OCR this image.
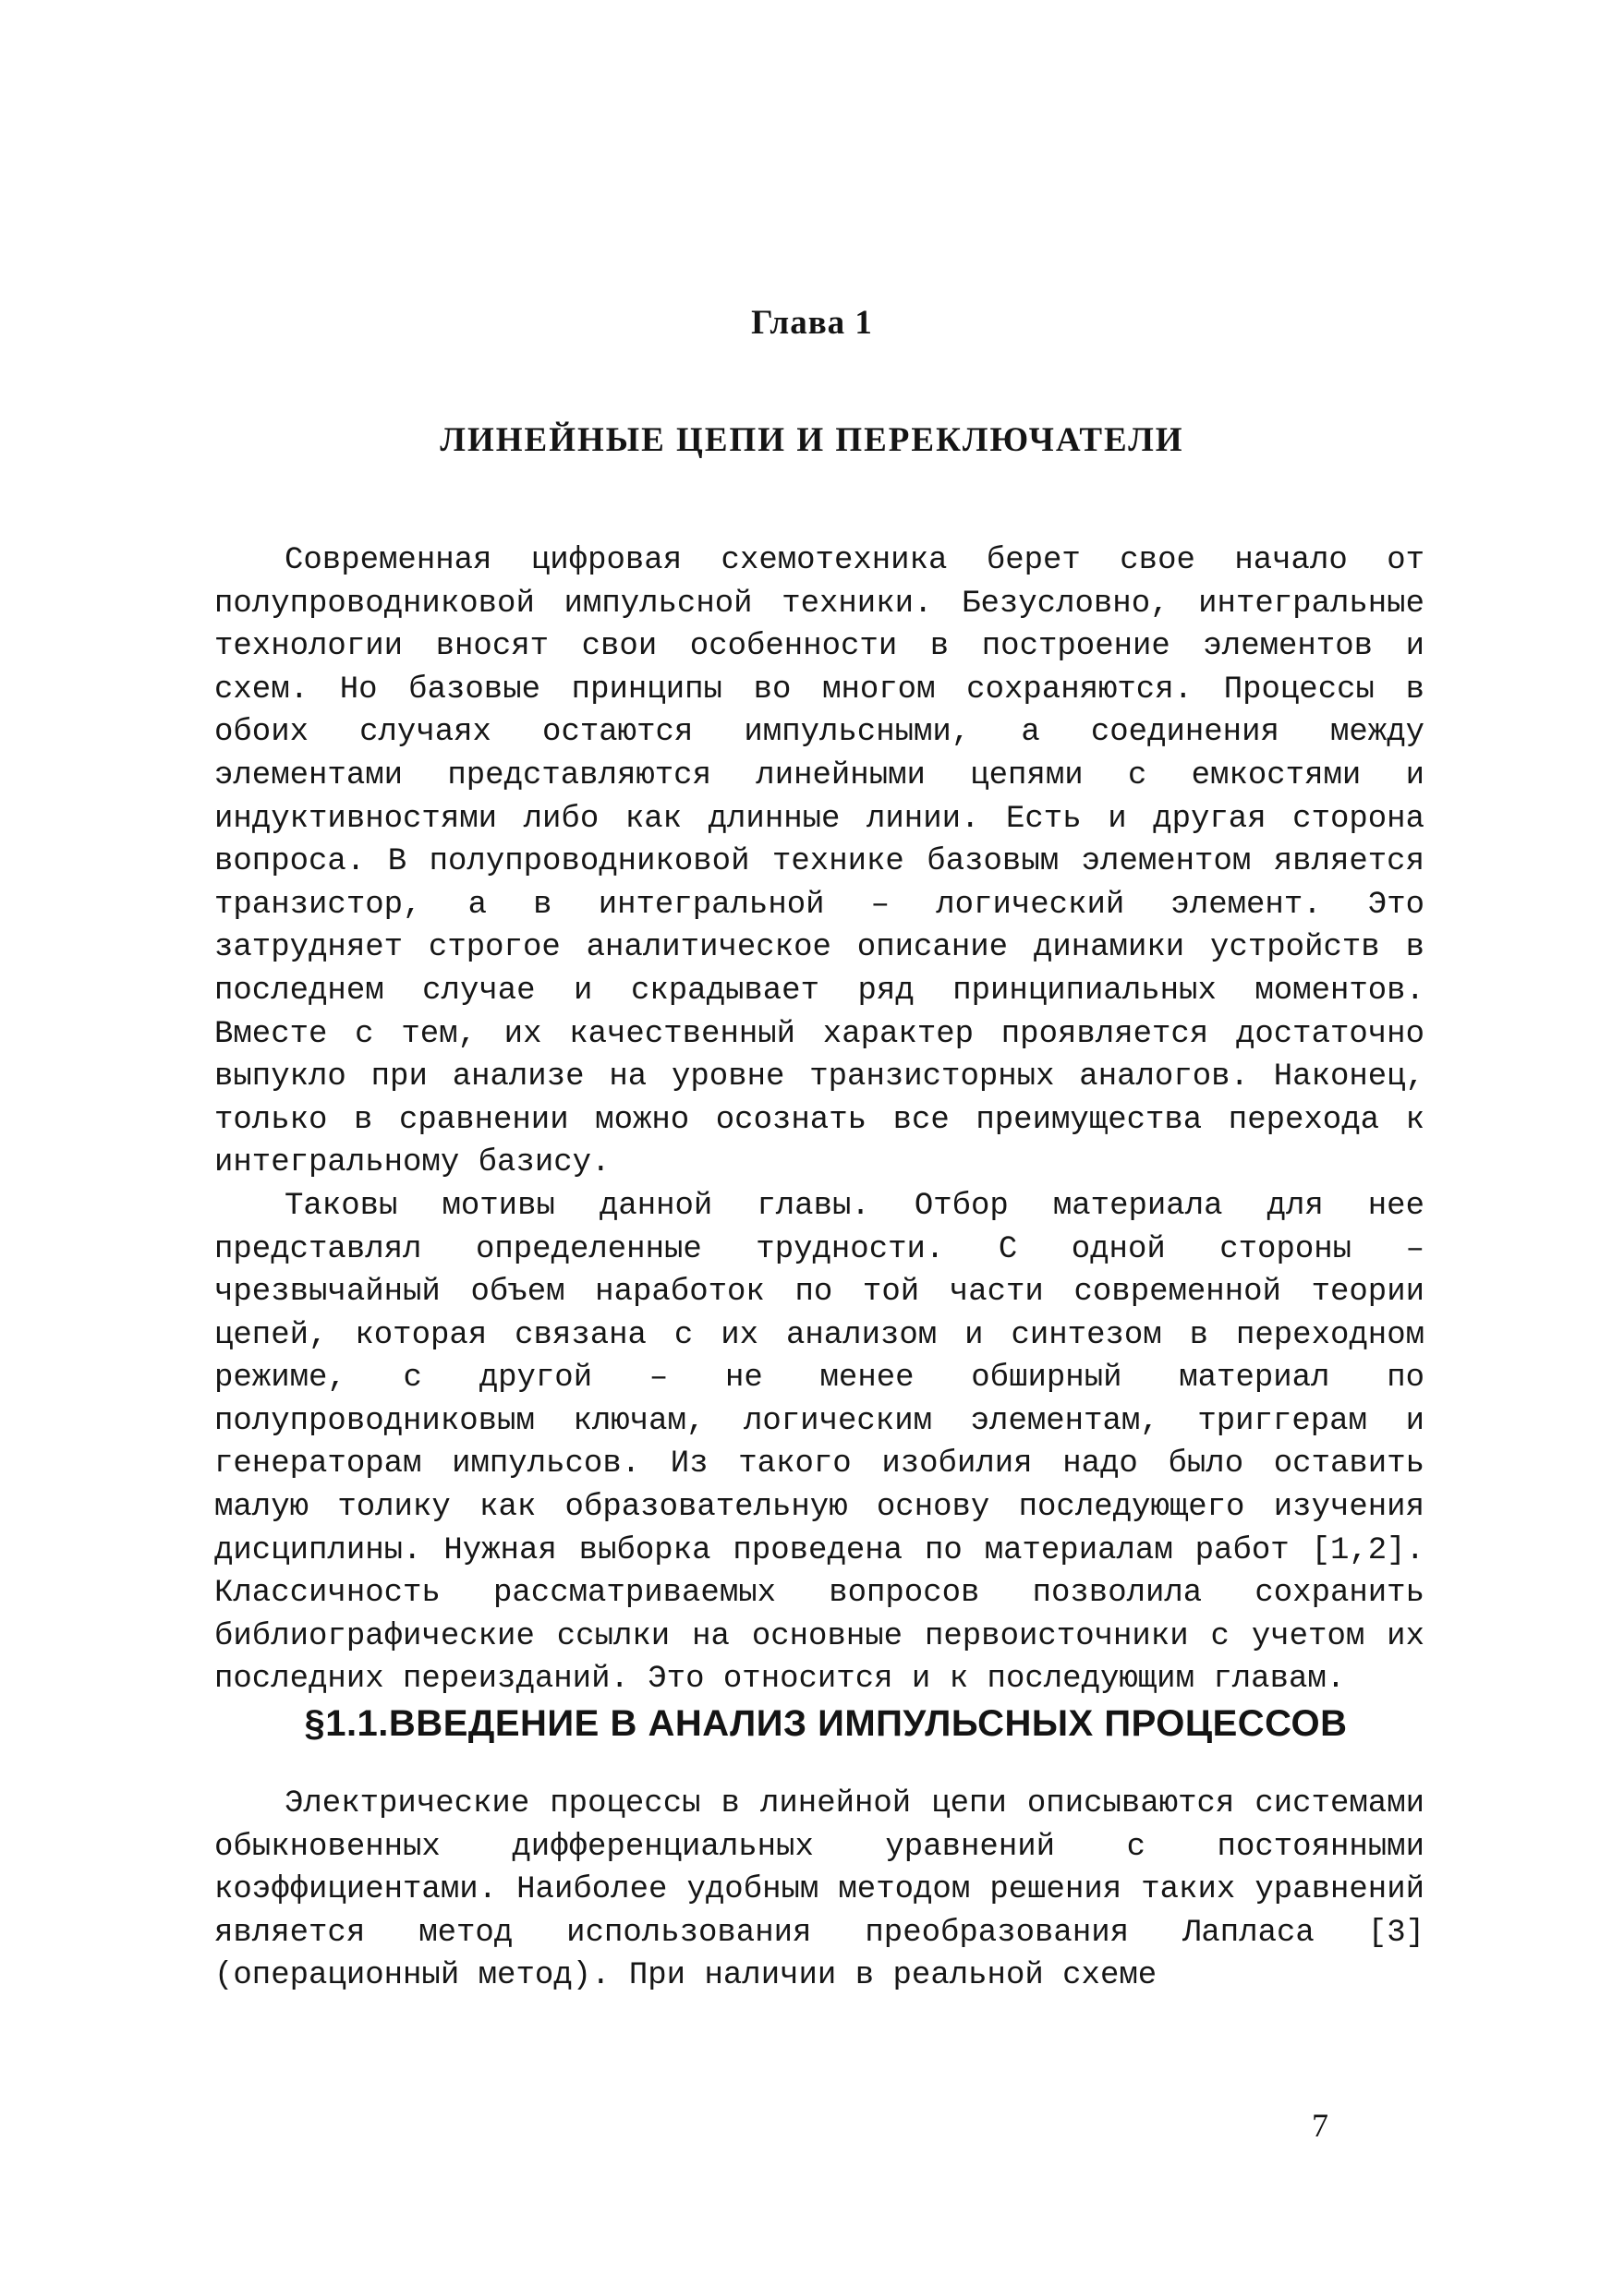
Глава 1
ЛИНЕЙНЫЕ ЦЕПИ И ПЕРЕКЛЮЧАТЕЛИ

Современная цифровая схемотехника берет свое начало от полупроводниковой импульсной техники. Безусловно, интегральные технологии вносят свои особенности в построение элементов и схем. Но базовые принципы во многом сохраняются. Процессы в обоих случаях остаются импульсными, а соединения между элементами представляются линейными цепями с емкостями и индуктивностями либо как длинные линии. Есть и другая сторона вопроса. В полупроводниковой технике базовым элементом является транзистор, а в интегральной – логический элемент. Это затрудняет строгое аналитическое описание динамики устройств в последнем случае и скрадывает ряд принципиальных моментов. Вместе с тем, их качественный характер проявляется достаточно выпукло при анализе на уровне транзисторных аналогов. Наконец, только в сравнении можно осознать все преимущества перехода к интегральному базису.

Таковы мотивы данной главы. Отбор материала для нее представлял определенные трудности. С одной стороны – чрезвычайный объем наработок по той части современной теории цепей, которая связана с их анализом и синтезом в переходном режиме, с другой – не менее обширный материал по полупроводниковым ключам, логическим элементам, триггерам и генераторам импульсов. Из такого изобилия надо было оставить малую толику как образовательную основу последующего изучения дисциплины. Нужная выборка проведена по материалам работ [1,2]. Классичность рассматриваемых вопросов позволила сохранить библиографические ссылки на основные первоисточники с учетом их последних переизданий. Это относится и к последующим главам.

§1.1.ВВЕДЕНИЕ В АНАЛИЗ ИМПУЛЬСНЫХ ПРОЦЕССОВ

Электрические процессы в линейной цепи описываются системами обыкновенных дифференциальных уравнений с постоянными коэффициентами. Наиболее удобным методом решения таких уравнений является метод использования преобразования Лапласа [3] (операционный метод). При наличии в реальной схеме

7
